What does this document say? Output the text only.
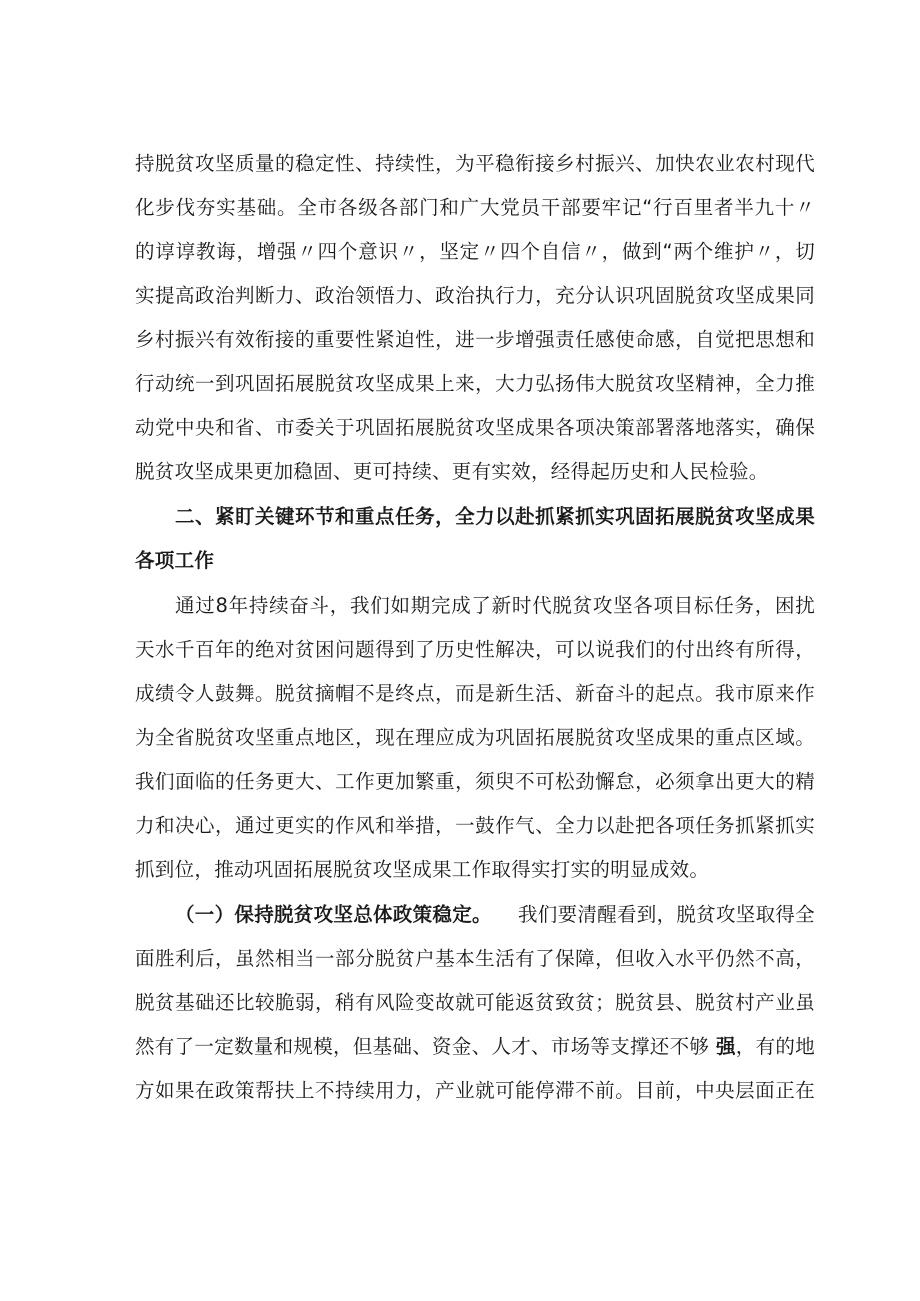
持脱贫攻坚质量的稳定性、持续性，为平稳衔接乡村振兴、加快农业农村现代
化步伐夯实基础。全市各级各部门和广大党员干部要牢记“行百里者半九十〃
的谆谆教诲，增强〃四个意识〃，坚定〃四个自信〃，做到“两个维护〃，切
实提高政治判断力、政治领悟力、政治执行力，充分认识巩固脱贫攻坚成果同
乡村振兴有效衔接的重要性紧迫性，进一步增强责任感使命感，自觉把思想和
行动统一到巩固拓展脱贫攻坚成果上来，大力弘扬伟大脱贫攻坚精神，全力推
动党中央和省、市委关于巩固拓展脱贫攻坚成果各项决策部署落地落实，确保
脱贫攻坚成果更加稳固、更可持续、更有实效，经得起历史和人民检验。
二、紧盯关键环节和重点任务，全力以赴抓紧抓实巩固拓展脱贫攻坚成果
各项工作
通过8年持续奋斗，我们如期完成了新时代脱贫攻坚各项目标任务，困扰
天水千百年的绝对贫困问题得到了历史性解决，可以说我们的付出终有所得，
成绩令人鼓舞。脱贫摘帽不是终点，而是新生活、新奋斗的起点。我市原来作
为全省脱贫攻坚重点地区，现在理应成为巩固拓展脱贫攻坚成果的重点区域。
我们面临的任务更大、工作更加繁重，须臾不可松劲懈怠，必须拿出更大的精
力和决心，通过更实的作风和举措，一鼓作气、全力以赴把各项任务抓紧抓实
抓到位，推动巩固拓展脱贫攻坚成果工作取得实打实的明显成效。
（一）保持脱贫攻坚总体政策稳定。 我们要清醒看到，脱贫攻坚取得全
面胜利后，虽然相当一部分脱贫户基本生活有了保障，但收入水平仍然不高，
脱贫基础还比较脆弱，稍有风险变故就可能返贫致贫；脱贫县、脱贫村产业虽
然有了一定数量和规模，但基础、资金、人才、市场等支撑还不够 强，有的地
方如果在政策帮扶上不持续用力，产业就可能停滞不前。目前，中央层面正在
